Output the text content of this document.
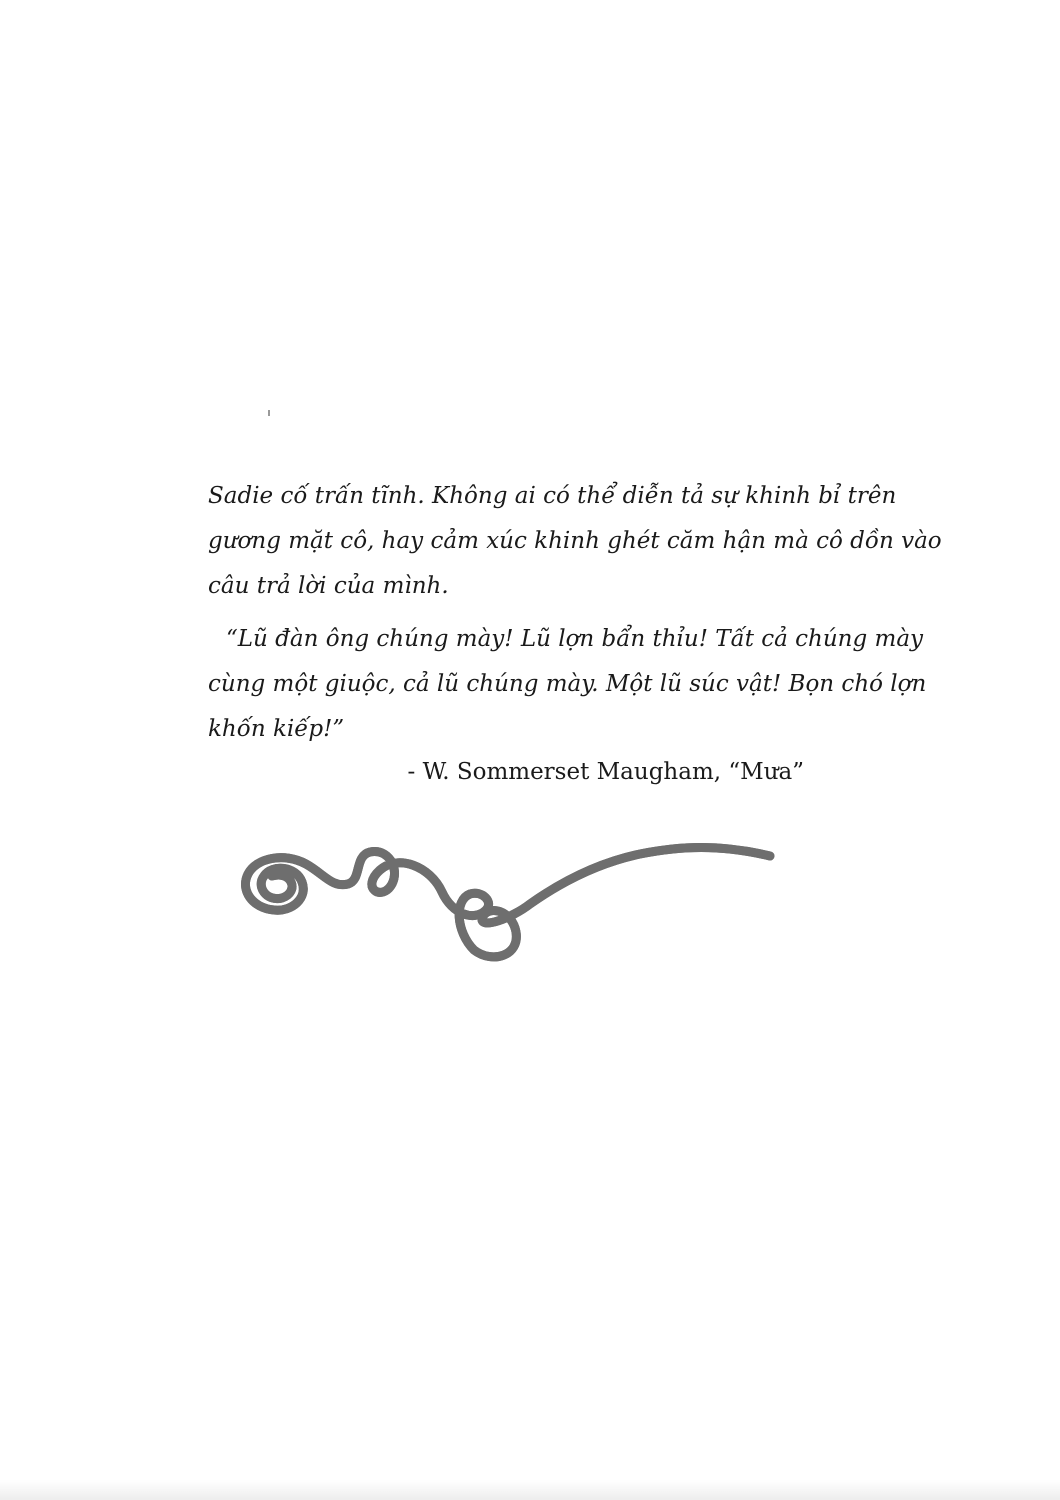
Sadie cố trấn tĩnh. Không ai có thể diễn tả sự khinh bỉ trên
gương mặt cô, hay cảm xúc khinh ghét căm hận mà cô dồn vào
câu trả lời của mình.

“Lũ đàn ông chúng mày! Lũ lợn bẩn thỉu! Tất cả chúng mày
cùng một giuộc, cả lũ chúng mày. Một lũ súc vật! Bọn chó lợn
khốn kiếp!”

- W. Sommerset Maugham, “Mưa”
